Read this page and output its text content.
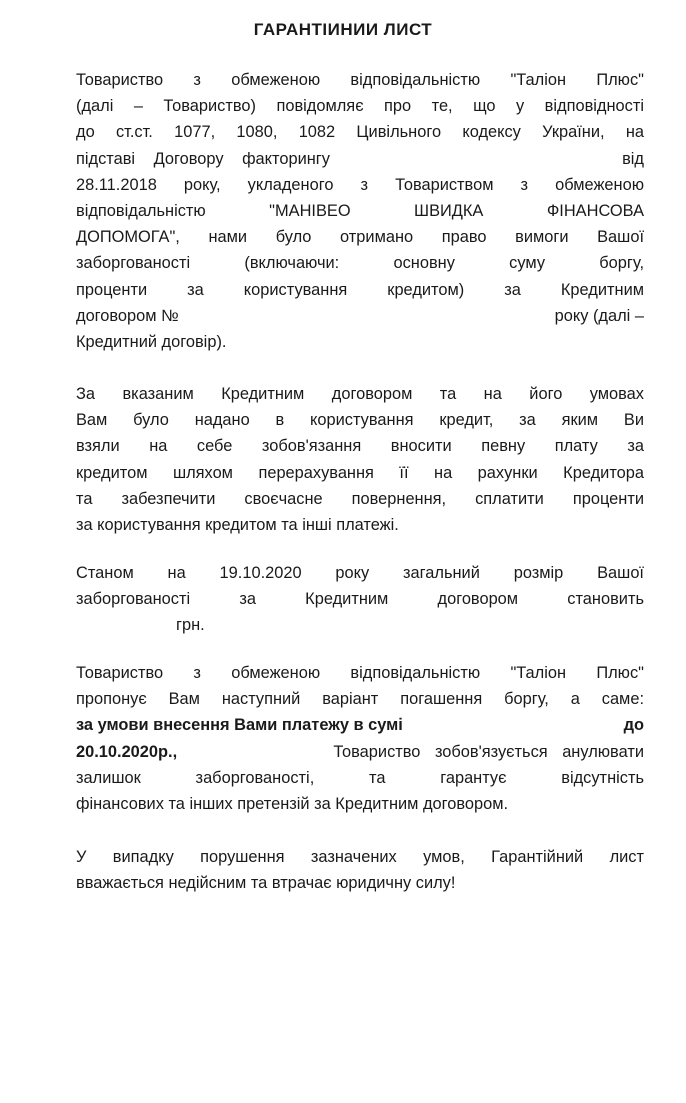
ГАРАНТІИНИИ ЛИСТ
Товариство з обмеженою відповідальністю "Таліон Плюс"
(далі – Товариство) повідомляє про те, що у відповідності
до ст.ст. 1077, 1080, 1082 Цивільного кодексу України, на
підставі Договору факторингу	від
28.11.2018 року, укладеного з Товариством з обмеженою
відповідальністю "МАНІВЕО ШВИДКА ФІНАНСОВА
ДОПОМОГА", нами було отримано право вимоги Вашої
заборгованості (включаючи: основну суму боргу,
проценти за користування кредитом) за Кредитним
договором №	року (далі –
Кредитний договір).
За вказаним Кредитним договором та на його умовах
Вам було надано в користування кредит, за яким Ви
взяли на себе зобов'язання вносити певну плату за
кредитом шляхом перерахування її на рахунки Кредитора
та забезпечити своєчасне повернення, сплатити проценти
за користування кредитом та інші платежі.
Станом на 19.10.2020 року загальний розмір Вашої
заборгованості за Кредитним договором становить
грн.
Товариство з обмеженою відповідальністю "Таліон Плюс"
пропонує Вам наступний варіант погашення боргу, а саме:
за умови внесення Вами платежу в сумі	до
20.10.2020р.,	Товариство зобов'язується анулювати
залишок заборгованості, та гарантує відсутність
фінансових та інших претензій за Кредитним договором.
У випадку порушення зазначених умов, Гарантійний лист
вважається недійсним та втрачає юридичну силу!
